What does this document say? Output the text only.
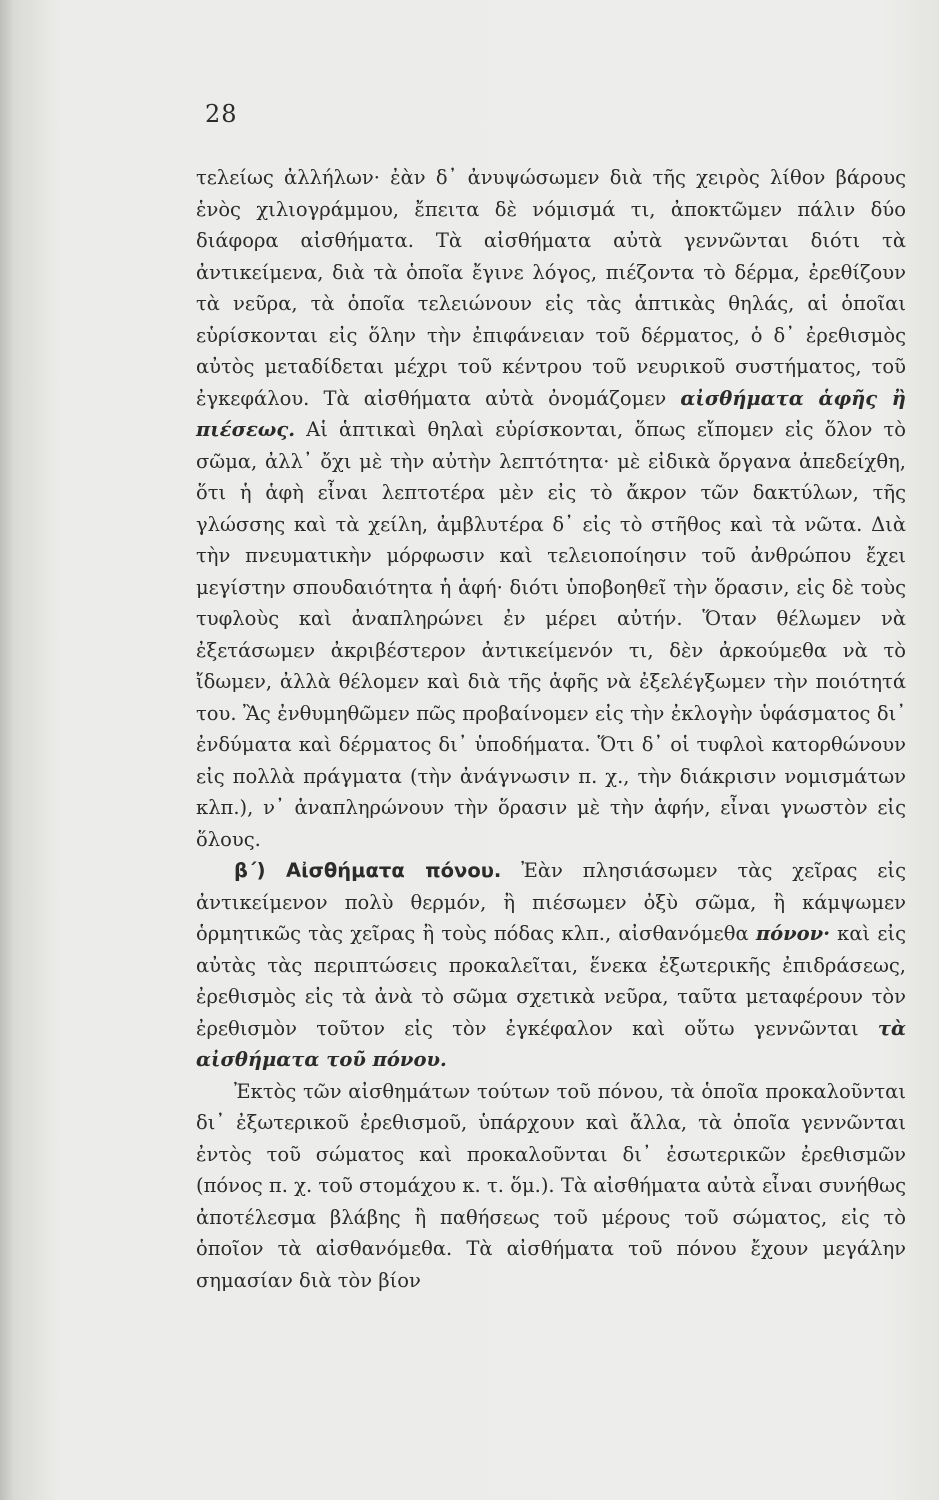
28

τελείως ἀλλήλων· ἐὰν δ᾽ ἀνυψώσωμεν διὰ τῆς χειρὸς λίθον βάρους ἑνὸς χιλιογράμμου, ἔπειτα δὲ νόμισμά τι, ἀποκτῶμεν πάλιν δύο διάφορα αἰσθήματα. Τὰ αἰσθήματα αὐτὰ γεννῶνται διότι τὰ ἀντικείμενα, διὰ τὰ ὁποῖα ἔγινε λόγος, πιέζοντα τὸ δέρμα, ἐρεθίζουν τὰ νεῦρα, τὰ ὁποῖα τελειώνουν εἰς τὰς ἁπτικὰς θηλάς, αἱ ὁποῖαι εὑρίσκονται εἰς ὅλην τὴν ἐπιφάνειαν τοῦ δέρματος, ὁ δ᾽ ἐρεθισμὸς αὐτὸς μεταδίδεται μέχρι τοῦ κέντρου τοῦ νευρικοῦ συστήματος, τοῦ ἐγκεφάλου. Τὰ αἰσθήματα αὐτὰ ὀνομάζομεν αἰσθήματα ἁφῆς ἢ πιέσεως. Αἱ ἁπτικαὶ θηλαὶ εὑρίσκονται, ὅπως εἴπομεν εἰς ὅλον τὸ σῶμα, ἀλλ᾽ ὄχι μὲ τὴν αὐτὴν λεπτότητα· μὲ εἰδικὰ ὄργανα ἀπεδείχθη, ὅτι ἡ ἁφὴ εἶναι λεπτοτέρα μὲν εἰς τὸ ἄκρον τῶν δακτύλων, τῆς γλώσσης καὶ τὰ χείλη, ἀμβλυτέρα δ᾽ εἰς τὸ στῆθος καὶ τὰ νῶτα. Διὰ τὴν πνευματικὴν μόρφωσιν καὶ τελειοποίησιν τοῦ ἀνθρώπου ἔχει μεγίστην σπουδαιότητα ἡ ἁφή· διότι ὑποβοηθεῖ τὴν ὅρασιν, εἰς δὲ τοὺς τυφλοὺς καὶ ἀναπληρώνει ἐν μέρει αὐτήν. Ὅταν θέλωμεν νὰ ἐξετάσωμεν ἀκριβέστερον ἀντικείμενόν τι, δὲν ἀρκούμεθα νὰ τὸ ἴδωμεν, ἀλλὰ θέλομεν καὶ διὰ τῆς ἁφῆς νὰ ἐξελέγξωμεν τὴν ποιότητά του. Ἂς ἐνθυμηθῶμεν πῶς προβαίνομεν εἰς τὴν ἐκλογὴν ὑφάσματος δι᾽ ἐνδύματα καὶ δέρματος δι᾽ ὑποδήματα. Ὅτι δ᾽ οἱ τυφλοὶ κατορθώνουν εἰς πολλὰ πράγματα (τὴν ἀνάγνωσιν π. χ., τὴν διάκρισιν νομισμάτων κλπ.), ν᾽ ἀναπληρώνουν τὴν ὅρασιν μὲ τὴν ἁφήν, εἶναι γνωστὸν εἰς ὅλους.

β΄) Αἰσθήματα πόνου. Ἐὰν πλησιάσωμεν τὰς χεῖρας εἰς ἀντικείμενον πολὺ θερμόν, ἢ πιέσωμεν ὀξὺ σῶμα, ἢ κάμψωμεν ὁρμητικῶς τὰς χεῖρας ἢ τοὺς πόδας κλπ., αἰσθανόμεθα πόνον· καὶ εἰς αὐτὰς τὰς περιπτώσεις προκαλεῖται, ἕνεκα ἐξωτερικῆς ἐπιδράσεως, ἐρεθισμὸς εἰς τὰ ἀνὰ τὸ σῶμα σχετικὰ νεῦρα, ταῦτα μεταφέρουν τὸν ἐρεθισμὸν τοῦτον εἰς τὸν ἐγκέφαλον καὶ οὕτω γεννῶνται τὰ αἰσθήματα τοῦ πόνου.

Ἐκτὸς τῶν αἰσθημάτων τούτων τοῦ πόνου, τὰ ὁποῖα προκαλοῦνται δι᾽ ἐξωτερικοῦ ἐρεθισμοῦ, ὑπάρχουν καὶ ἄλλα, τὰ ὁποῖα γεννῶνται ἐντὸς τοῦ σώματος καὶ προκαλοῦνται δι᾽ ἐσωτερικῶν ἐρεθισμῶν (πόνος π. χ. τοῦ στομάχου κ. τ. ὅμ.). Τὰ αἰσθήματα αὐτὰ εἶναι συνήθως ἀποτέλεσμα βλάβης ἢ παθήσεως τοῦ μέρους τοῦ σώματος, εἰς τὸ ὁποῖον τὰ αἰσθανόμεθα. Τὰ αἰσθήματα τοῦ πόνου ἔχουν μεγάλην σημασίαν διὰ τὸν βίον
